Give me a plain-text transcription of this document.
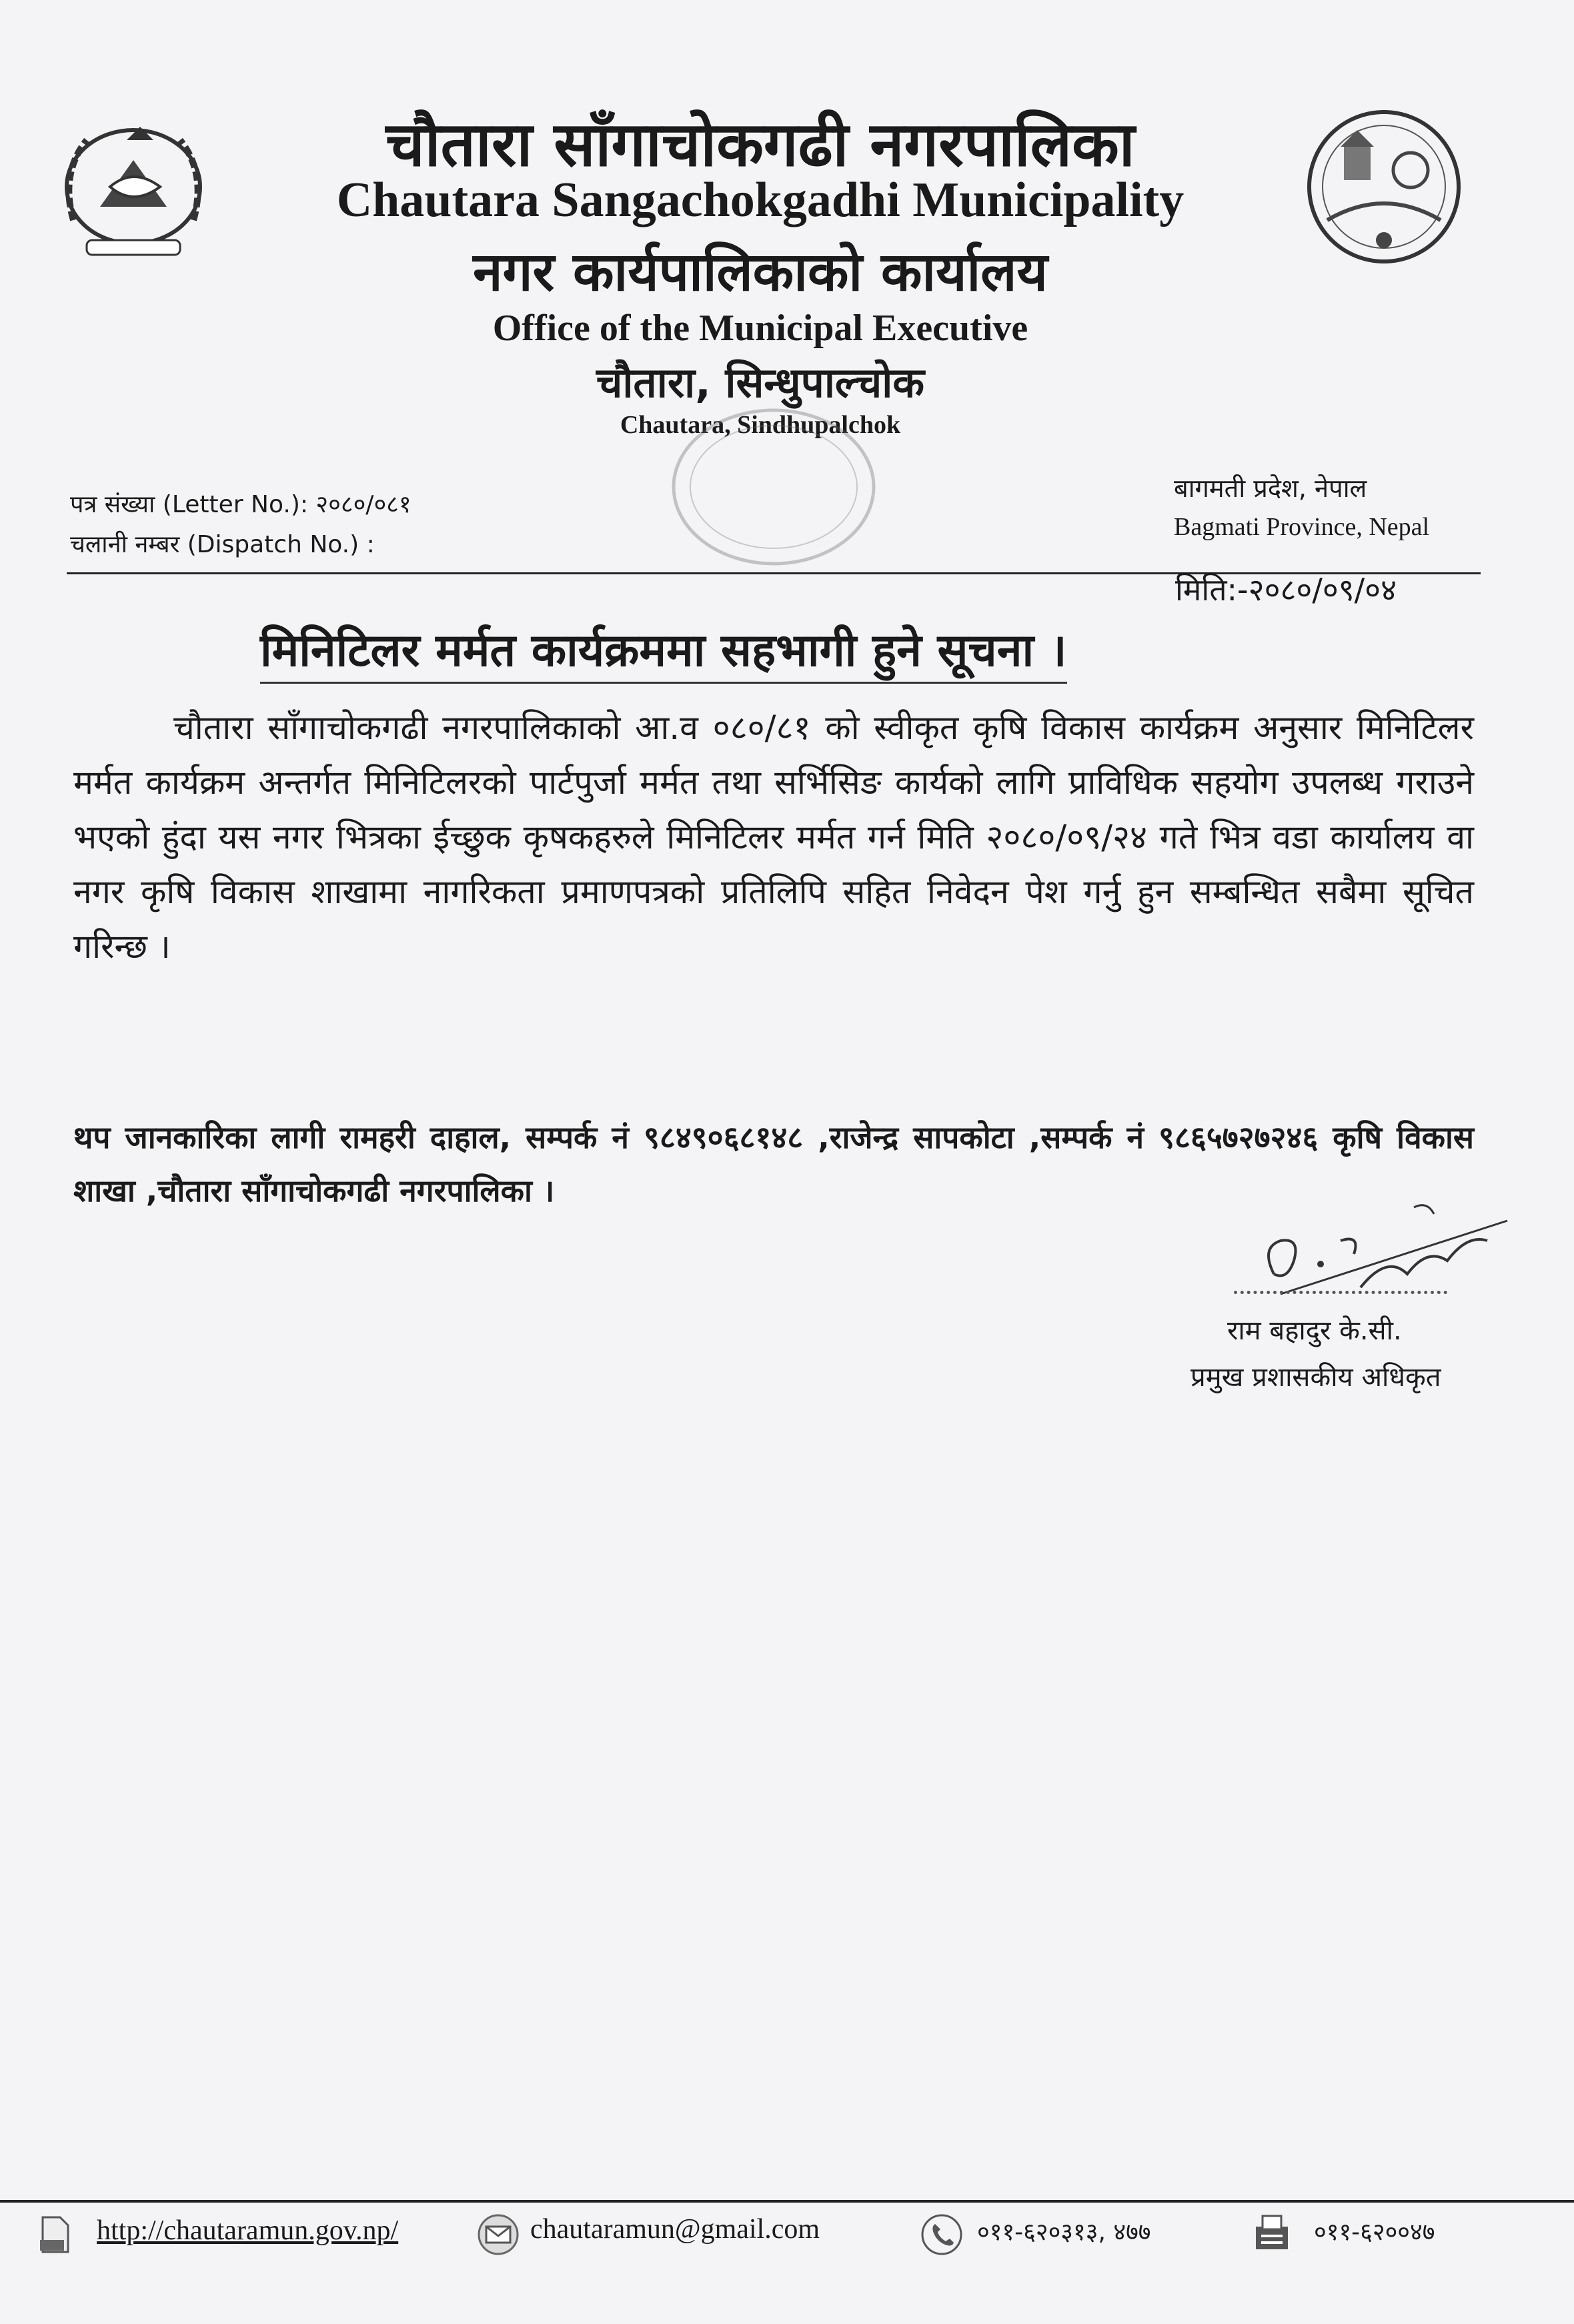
चौतारा साँगाचोकगढी नगरपालिका
Chautara Sangachokgadhi Municipality
नगर कार्यपालिकाको कार्यालय
Office of the Municipal Executive
चौतारा, सिन्धुपाल्चोक
Chautara, Sindhupalchok
पत्र संख्या (Letter No.): २०८०/०८१
चलानी नम्बर (Dispatch No.) :
बागमती प्रदेश, नेपाल
Bagmati Province, Nepal
मिति:-२०८०/०९/०४
मिनिटिलर मर्मत कार्यक्रममा सहभागी हुने सूचना ।
चौतारा साँगाचोकगढी नगरपालिकाको आ.व ०८०/८१ को स्वीकृत कृषि विकास कार्यक्रम अनुसार मिनिटिलर मर्मत कार्यक्रम अन्तर्गत मिनिटिलरको पार्टपुर्जा मर्मत तथा सर्भिसिङ कार्यको लागि प्राविधिक सहयोग उपलब्ध गराउने भएको हुंदा यस नगर भित्रका ईच्छुक कृषकहरुले मिनिटिलर मर्मत गर्न मिति २०८०/०९/२४ गते भित्र वडा कार्यालय वा नगर कृषि विकास शाखामा नागरिकता प्रमाणपत्रको प्रतिलिपि सहित निवेदन पेश गर्नु हुन सम्बन्धित सबैमा सूचित गरिन्छ ।
थप जानकारिका लागी रामहरी दाहाल, सम्पर्क नं ९८४९०६८१४८ ,राजेन्द्र सापकोटा ,सम्पर्क नं ९८६५७२७२४६ कृषि विकास शाखा ,चौतारा साँगाचोकगढी नगरपालिका ।
राम बहादुर के.सी.
प्रमुख प्रशासकीय अधिकृत
http://chautaramun.gov.np/	chautaramun@gmail.com	०११-६२०३१३, ४७७	०११-६२००४७
